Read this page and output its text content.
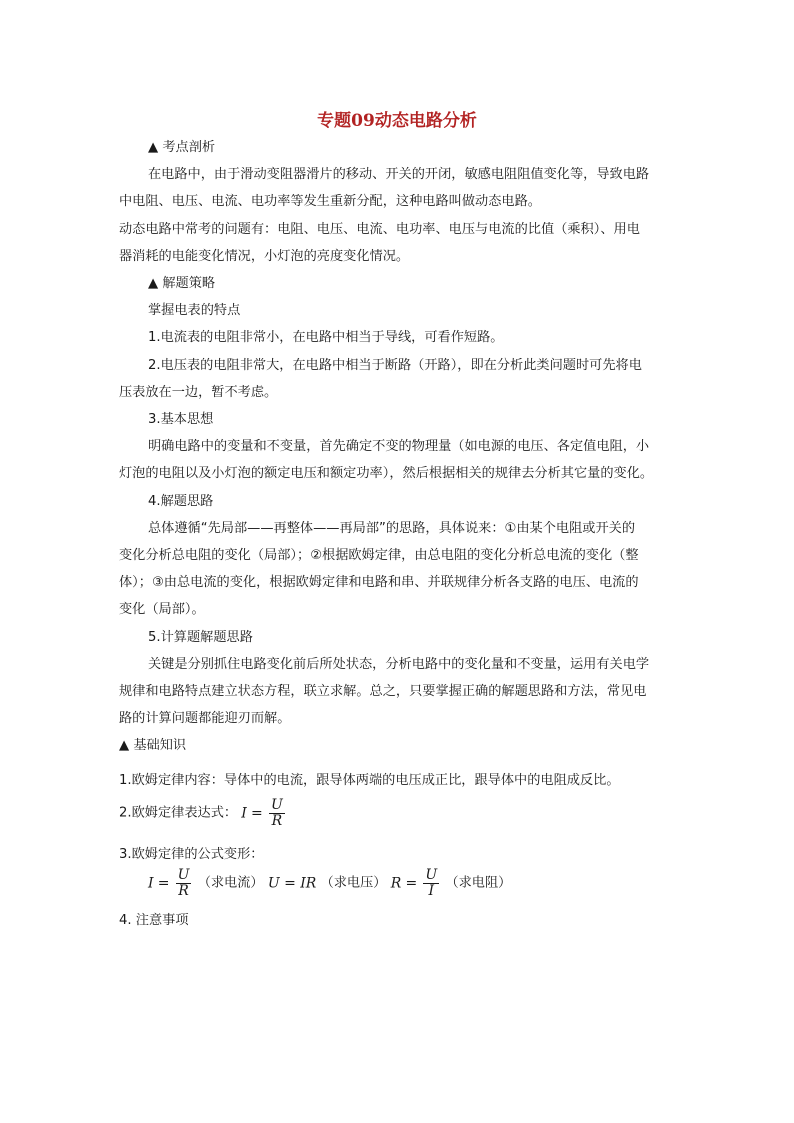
专题09动态电路分析
▲ 考点剖析
在电路中，由于滑动变阻器滑片的移动、开关的开闭，敏感电阻阻值变化等，导致电路
中电阻、电压、电流、电功率等发生重新分配，这种电路叫做动态电路。
动态电路中常考的问题有：电阻、电压、电流、电功率、电压与电流的比值（乘积）、用电
器消耗的电能变化情况，小灯泡的亮度变化情况。
▲ 解题策略
掌握电表的特点
1.电流表的电阻非常小，在电路中相当于导线，可看作短路。
2.电压表的电阻非常大，在电路中相当于断路（开路），即在分析此类问题时可先将电
压表放在一边，暂不考虑。
3.基本思想
明确电路中的变量和不变量，首先确定不变的物理量（如电源的电压、各定值电阻，小
灯泡的电阻以及小灯泡的额定电压和额定功率），然后根据相关的规律去分析其它量的变化。
4.解题思路
总体遵循“先局部——再整体——再局部”的思路，具体说来：①由某个电阻或开关的
变化分析总电阻的变化（局部）；②根据欧姆定律，由总电阻的变化分析总电流的变化（整
体）；③由总电流的变化，根据欧姆定律和电路和串、并联规律分析各支路的电压、电流的
变化（局部）。
5.计算题解题思路
关键是分别抓住电路变化前后所处状态，分析电路中的变化量和不变量，运用有关电学
规律和电路特点建立状态方程，联立求解。总之，只要掌握正确的解题思路和方法，常见电
路的计算问题都能迎刃而解。
▲ 基础知识
1.欧姆定律内容：导体中的电流，跟导体两端的电压成正比，跟导体中的电阻成反比。
2.欧姆定律表达式： $I = \frac{U}{R}$
3.欧姆定律的公式变形：
$I = \frac{U}{R}$ （求电流） U = IR （求电压） $R = \frac{U}{I}$ （求电阻）
4. 注意事项
